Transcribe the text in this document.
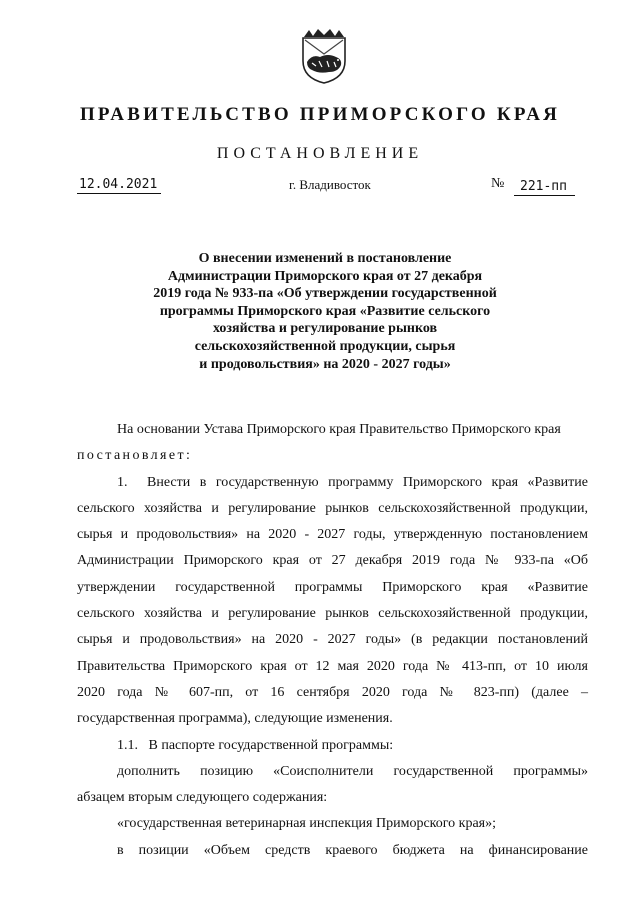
ПРАВИТЕЛЬСТВО ПРИМОРСКОГО КРАЯ
ПОСТАНОВЛЕНИЕ
12.04.2021	г. Владивосток	№	221-пп
О внесении изменений в постановление
Администрации Приморского края от 27 декабря
2019 года № 933-па «Об утверждении государственной
программы Приморского края «Развитие сельского
хозяйства и регулирование рынков
сельскохозяйственной продукции, сырья
и продовольствия» на 2020 - 2027 годы»
На основании Устава Приморского края Правительство Приморского края
постановляет:
1. Внести в государственную программу Приморского края «Развитие
сельского хозяйства и регулирование рынков сельскохозяйственной продукции,
сырья и продовольствия» на 2020 - 2027 годы, утвержденную постановлением
Администрации Приморского края от 27 декабря 2019 года № 933-па «Об
утверждении государственной программы Приморского края «Развитие
сельского хозяйства и регулирование рынков сельскохозяйственной продукции,
сырья и продовольствия» на 2020 - 2027 годы» (в редакции постановлений
Правительства Приморского края от 12 мая 2020 года № 413-пп, от 10 июля
2020 года № 607-пп, от 16 сентября 2020 года № 823-пп) (далее –
государственная программа), следующие изменения.
1.1.   В паспорте государственной программы:
дополнить позицию «Соисполнители государственной программы»
абзацем вторым следующего содержания:
«государственная ветеринарная инспекция Приморского края»;
в позиции «Объем средств краевого бюджета на финансирование
